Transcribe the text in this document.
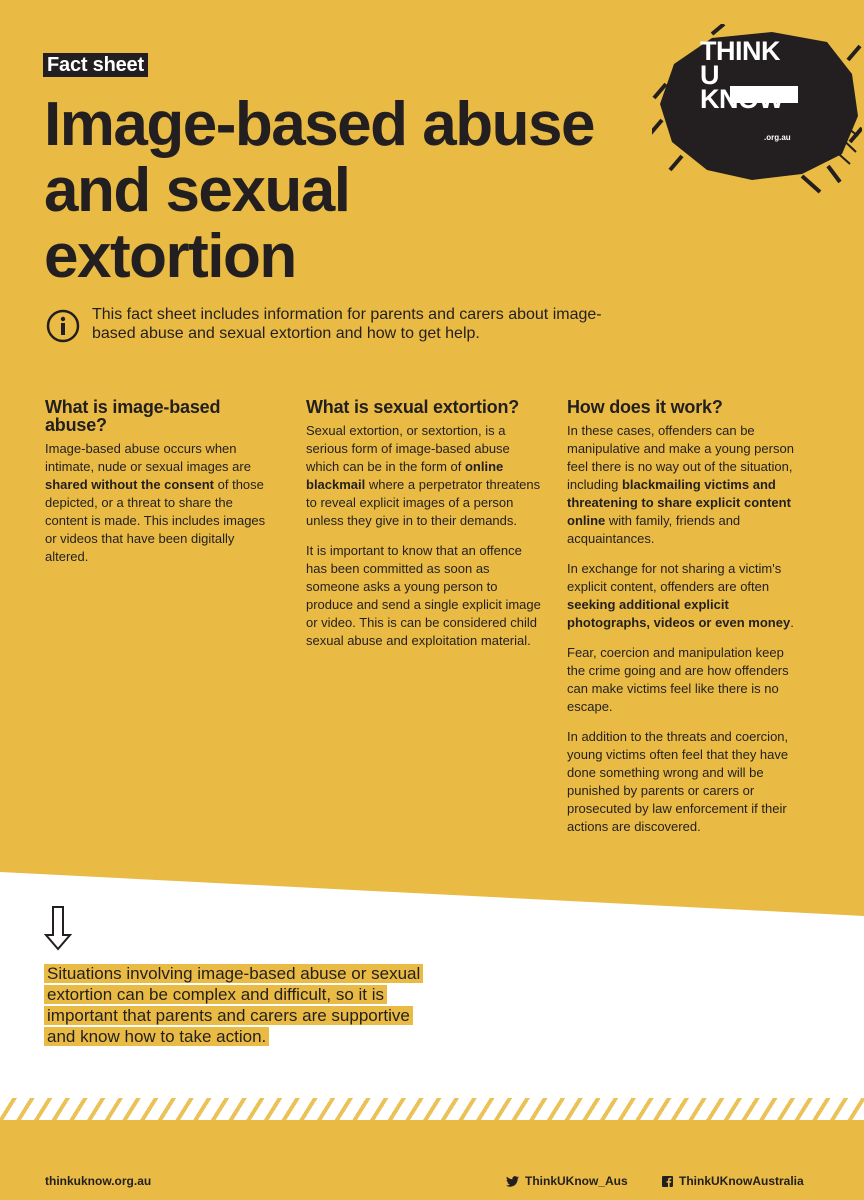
THINK
U
KNOW
.org.au
Fact sheet
Image-based abuse and sexual extortion

This fact sheet includes information for parents and carers about image-based abuse and sexual extortion and how to get help.

What is image-based abuse?

Image-based abuse occurs when intimate, nude or sexual images are shared without the consent of those depicted, or a threat to share the content is made. This includes images or videos that have been digitally altered.

What is sexual extortion?

Sexual extortion, or sextortion, is a serious form of image-based abuse which can be in the form of online blackmail where a perpetrator threatens to reveal explicit images of a person unless they give in to their demands.

It is important to know that an offence has been committed as soon as someone asks a young person to produce and send a single explicit image or video. This is can be considered child sexual abuse and exploitation material.

How does it work?

In these cases, offenders can be manipulative and make a young person feel there is no way out of the situation, including blackmailing victims and threatening to share explicit content online with family, friends and acquaintances.

In exchange for not sharing a victim's explicit content, offenders are often seeking additional explicit photographs, videos or even money.

Fear, coercion and manipulation keep the crime going and are how offenders can make victims feel like there is no escape.

In addition to the threats and coercion, young victims often feel that they have done something wrong and will be punished by parents or carers or prosecuted by law enforcement if their actions are discovered.

Situations involving image-based abuse or sexual extortion can be complex and difficult, so it is important that parents and carers are supportive and know how to take action.

thinkuknow.org.au	ThinkUKnow_Aus	ThinkUKnowAustralia
